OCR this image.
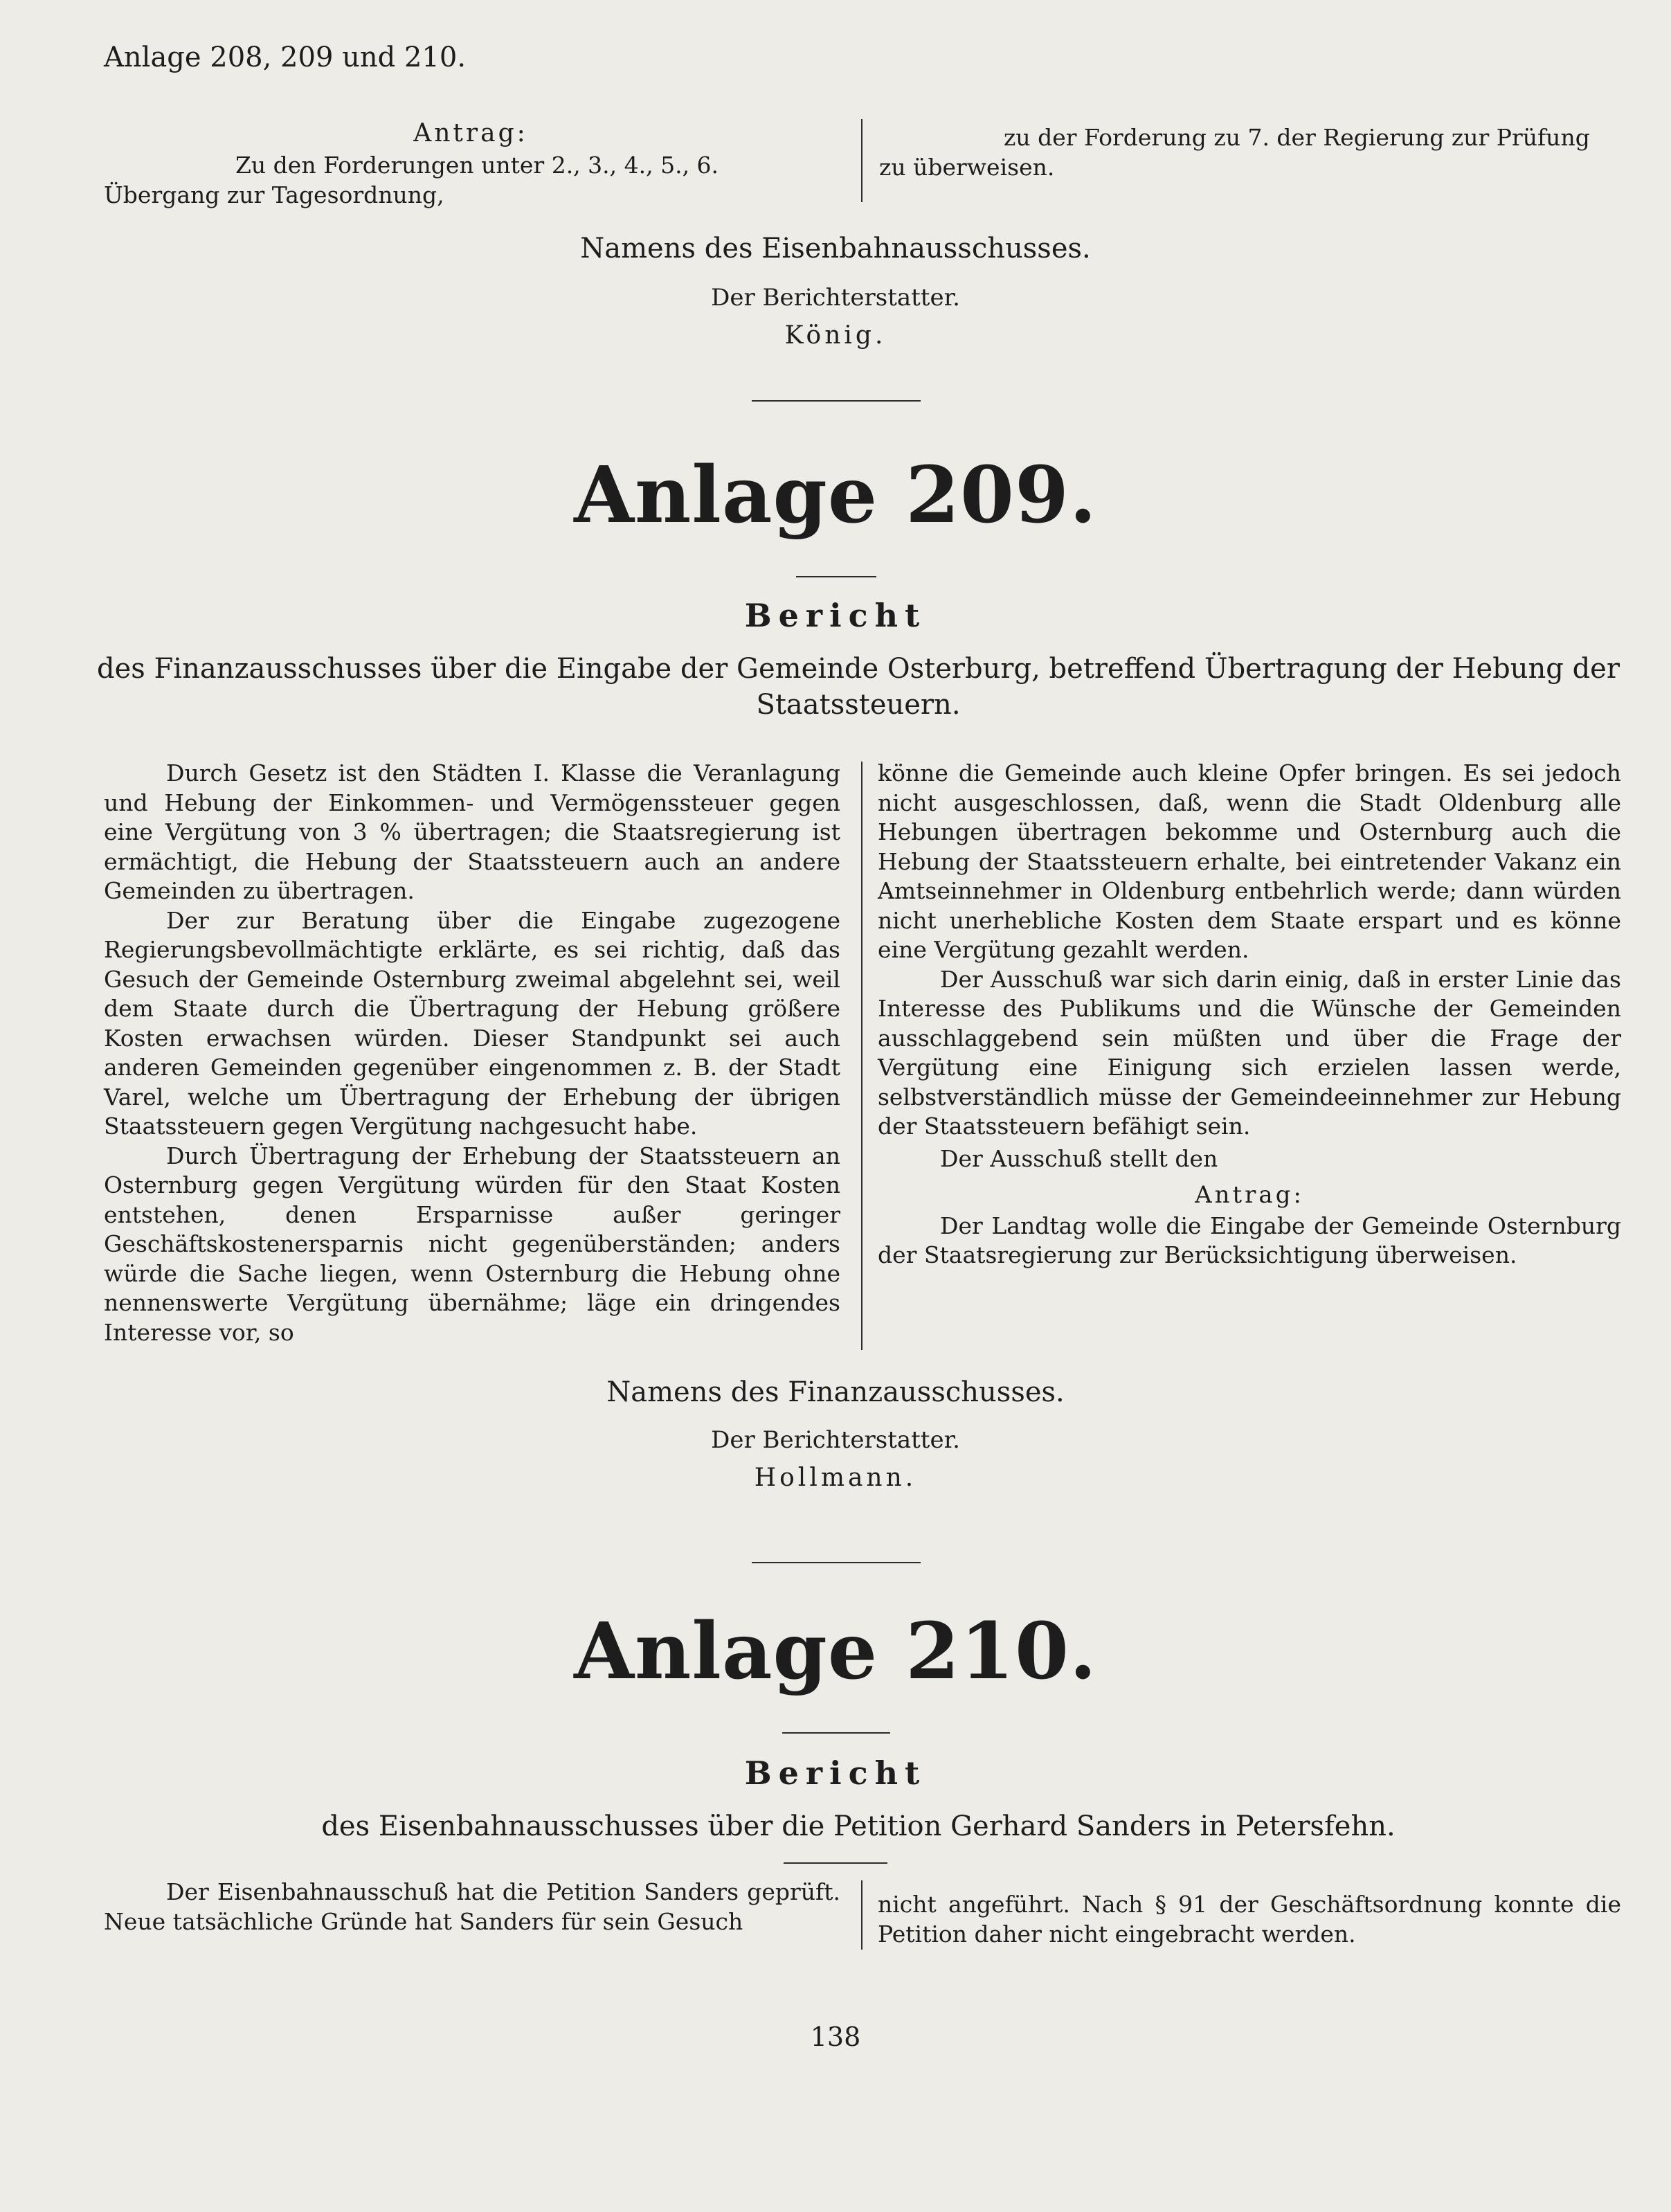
Anlage 208, 209 und 210.
Antrag:

Zu den Forderungen unter 2., 3., 4., 5., 6. Übergang zur Tagesordnung,

zu der Forderung zu 7. der Regierung zur Prüfung zu überweisen.

Namens des Eisenbahnausschusses.
Der Berichterstatter.
König.
Anlage 209.
Bericht
des Finanzausschusses über die Eingabe der Gemeinde Osterburg, betreffend Übertragung der Hebung der Staatssteuern.

Durch Gesetz ist den Städten I. Klasse die Veranlagung und Hebung der Einkommen- und Vermögenssteuer gegen eine Vergütung von 3 % übertragen; die Staatsregierung ist ermächtigt, die Hebung der Staatssteuern auch an andere Gemeinden zu übertragen.

Der zur Beratung über die Eingabe zugezogene Regierungsbevollmächtigte erklärte, es sei richtig, daß das Gesuch der Gemeinde Osternburg zweimal abgelehnt sei, weil dem Staate durch die Übertragung der Hebung größere Kosten erwachsen würden. Dieser Standpunkt sei auch anderen Gemeinden gegenüber eingenommen z. B. der Stadt Varel, welche um Übertragung der Erhebung der übrigen Staatssteuern gegen Vergütung nachgesucht habe.

Durch Übertragung der Erhebung der Staatssteuern an Osternburg gegen Vergütung würden für den Staat Kosten entstehen, denen Ersparnisse außer geringer Geschäftskostenersparnis nicht gegenüberständen; anders würde die Sache liegen, wenn Osternburg die Hebung ohne nennenswerte Vergütung übernähme; läge ein dringendes Interesse vor, so

könne die Gemeinde auch kleine Opfer bringen. Es sei jedoch nicht ausgeschlossen, daß, wenn die Stadt Oldenburg alle Hebungen übertragen bekomme und Osternburg auch die Hebung der Staatssteuern erhalte, bei eintretender Vakanz ein Amtseinnehmer in Oldenburg entbehrlich werde; dann würden nicht unerhebliche Kosten dem Staate erspart und es könne eine Vergütung gezahlt werden.

Der Ausschuß war sich darin einig, daß in erster Linie das Interesse des Publikums und die Wünsche der Gemeinden ausschlaggebend sein müßten und über die Frage der Vergütung eine Einigung sich erzielen lassen werde, selbstverständlich müsse der Gemeindeeinnehmer zur Hebung der Staatssteuern befähigt sein.

Der Ausschuß stellt den

Antrag:

Der Landtag wolle die Eingabe der Gemeinde Osternburg der Staatsregierung zur Berücksichtigung überweisen.

Namens des Finanzausschusses.
Der Berichterstatter.
Hollmann.
Anlage 210.
Bericht
des Eisenbahnausschusses über die Petition Gerhard Sanders in Petersfehn.

Der Eisenbahnausschuß hat die Petition Sanders geprüft. Neue tatsächliche Gründe hat Sanders für sein Gesuch

nicht angeführt. Nach § 91 der Geschäftsordnung konnte die Petition daher nicht eingebracht werden.

138
